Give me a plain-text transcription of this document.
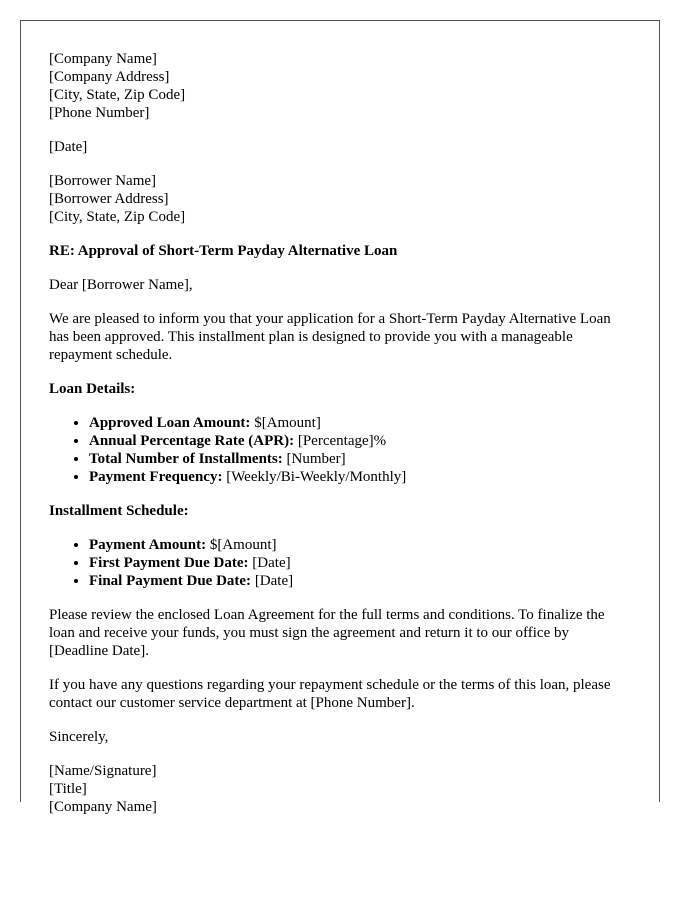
[Company Name]
[Company Address]
[City, State, Zip Code]
[Phone Number]
[Date]
[Borrower Name]
[Borrower Address]
[City, State, Zip Code]
RE: Approval of Short-Term Payday Alternative Loan

Dear [Borrower Name],

We are pleased to inform you that your application for a Short-Term Payday Alternative Loan has been approved. This installment plan is designed to provide you with a manageable repayment schedule.

Loan Details:
• Approved Loan Amount: $[Amount]
• Annual Percentage Rate (APR): [Percentage]%
• Total Number of Installments: [Number]
• Payment Frequency: [Weekly/Bi-Weekly/Monthly]
Installment Schedule:
• Payment Amount: $[Amount]
• First Payment Due Date: [Date]
• Final Payment Due Date: [Date]

Please review the enclosed Loan Agreement for the full terms and conditions. To finalize the loan and receive your funds, you must sign the agreement and return it to our office by [Deadline Date].

If you have any questions regarding your repayment schedule or the terms of this loan, please contact our customer service department at [Phone Number].

Sincerely,

[Name/Signature]
[Title]
[Company Name]
